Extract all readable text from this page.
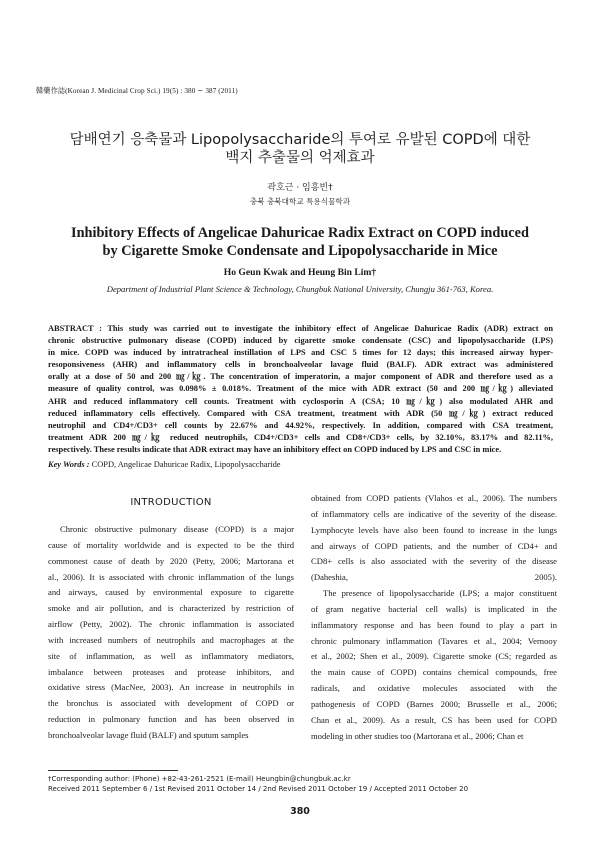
韓藥作誌(Korean J. Medicinal Crop Sci.) 19(5) : 380 ∼ 387 (2011)
담배연기 응축물과 Lipopolysaccharide의 투여로 유발된 COPD에 대한
백지 추출물의 억제효과
곽호근 · 임흥빈†
충북 충북대학교 특용식물학과
Inhibitory Effects of Angelicae Dahuricae Radix Extract on COPD induced
by Cigarette Smoke Condensate and Lipopolysaccharide in Mice
Ho Geun Kwak and Heung Bin Lim†
Department of Industrial Plant Science & Technology, Chungbuk National University, Chungju 361-763, Korea.
ABSTRACT : This study was carried out to investigate the inhibitory effect of Angelicae Dahuricae Radix (ADR) extract on
chronic obstructive pulmonary disease (COPD) induced by cigarette smoke condensate (CSC) and lipopolysaccharide (LPS)
in mice. COPD was induced by intratracheal instillation of LPS and CSC 5 times for 12 days; this increased airway hyper-
resoponsiveness (AHR) and inflammatory cells in bronchoalveolar lavage fluid (BALF). ADR extract was administered
orally at a dose of 50 and 200 ㎎/㎏. The concentration of imperatorin, a major component of ADR and therefore used as a
measure of quality control, was 0.098% ± 0.018%. Treatment of the mice with ADR extract (50 and 200 ㎎/㎏) alleviated
AHR and reduced inflammatory cell counts. Treatment with cyclosporin A (CSA; 10 ㎎/㎏) also modulated AHR and
reduced inflammatory cells effectively. Compared with CSA treatment, treatment with ADR (50 ㎎/㎏) extract reduced
neutrophil and CD4+/CD3+ cell counts by 22.67% and 44.92%, respectively. In addition, compared with CSA treatment,
treatment ADR 200 ㎎/㎏ reduced neutrophils, CD4+/CD3+ cells and CD8+/CD3+ cells, by 32.10%, 83.17% and 82.11%,
respectively. These results indicate that ADR extract may have an inhibitory effect on COPD induced by LPS and CSC in mice.
Key Words : COPD, Angelicae Dahuricae Radix, Lipopolysaccharide
INTRODUCTION
Chronic obstructive pulmonary disease (COPD) is a major
cause of mortality worldwide and is expected to be the third
commonest cause of death by 2020 (Petty, 2006; Martorana et
al., 2006). It is associated with chronic inflammation of the lungs
and airways, caused by environmental exposure to cigarette
smoke and air pollution, and is characterized by restriction of
airflow (Petty, 2002). The chronic inflammation is associated
with increased numbers of neutrophils and macrophages at the
site of inflammation, as well as inflammatory mediators,
imbalance between proteases and protease inhibitors, and
oxidative stress (MacNee, 2003). An increase in neutrophils in
the bronchus is associated with development of COPD or
reduction in pulmonary function and has been observed in
bronchoalveolar lavage fluid (BALF) and sputum samples
obtained from COPD patients (Vlahos et al., 2006). The numbers
of inflammatory cells are indicative of the severity of the disease.
Lymphocyte levels have also been found to increase in the lungs
and airways of COPD patients, and the number of CD4+ and
CD8+ cells is also associated with the severity of the disease
(Daheshia, 2005).
The presence of lipopolysaccharide (LPS; a major constituent
of gram negative bacterial cell walls) is implicated in the
inflammatory response and has been found to play a part in
chronic pulmonary inflammation (Tavares et al., 2004; Vernooy
et al., 2002; Shen et al., 2009). Cigarette smoke (CS; regarded as
the main cause of COPD) contains chemical compounds, free
radicals, and oxidative molecules associated with the
pathogenesis of COPD (Barnes 2000; Brusselle et al., 2006;
Chan et al., 2009). As a result, CS has been used for COPD
modeling in other studies too (Martorana et al., 2006; Chan et
†Corresponding author: (Phone) +82-43-261-2521 (E-mail) Heungbin@chungbuk.ac.kr
Received 2011 September 6 / 1st Revised 2011 October 14 / 2nd Revised 2011 October 19 / Accepted 2011 October 20
380
